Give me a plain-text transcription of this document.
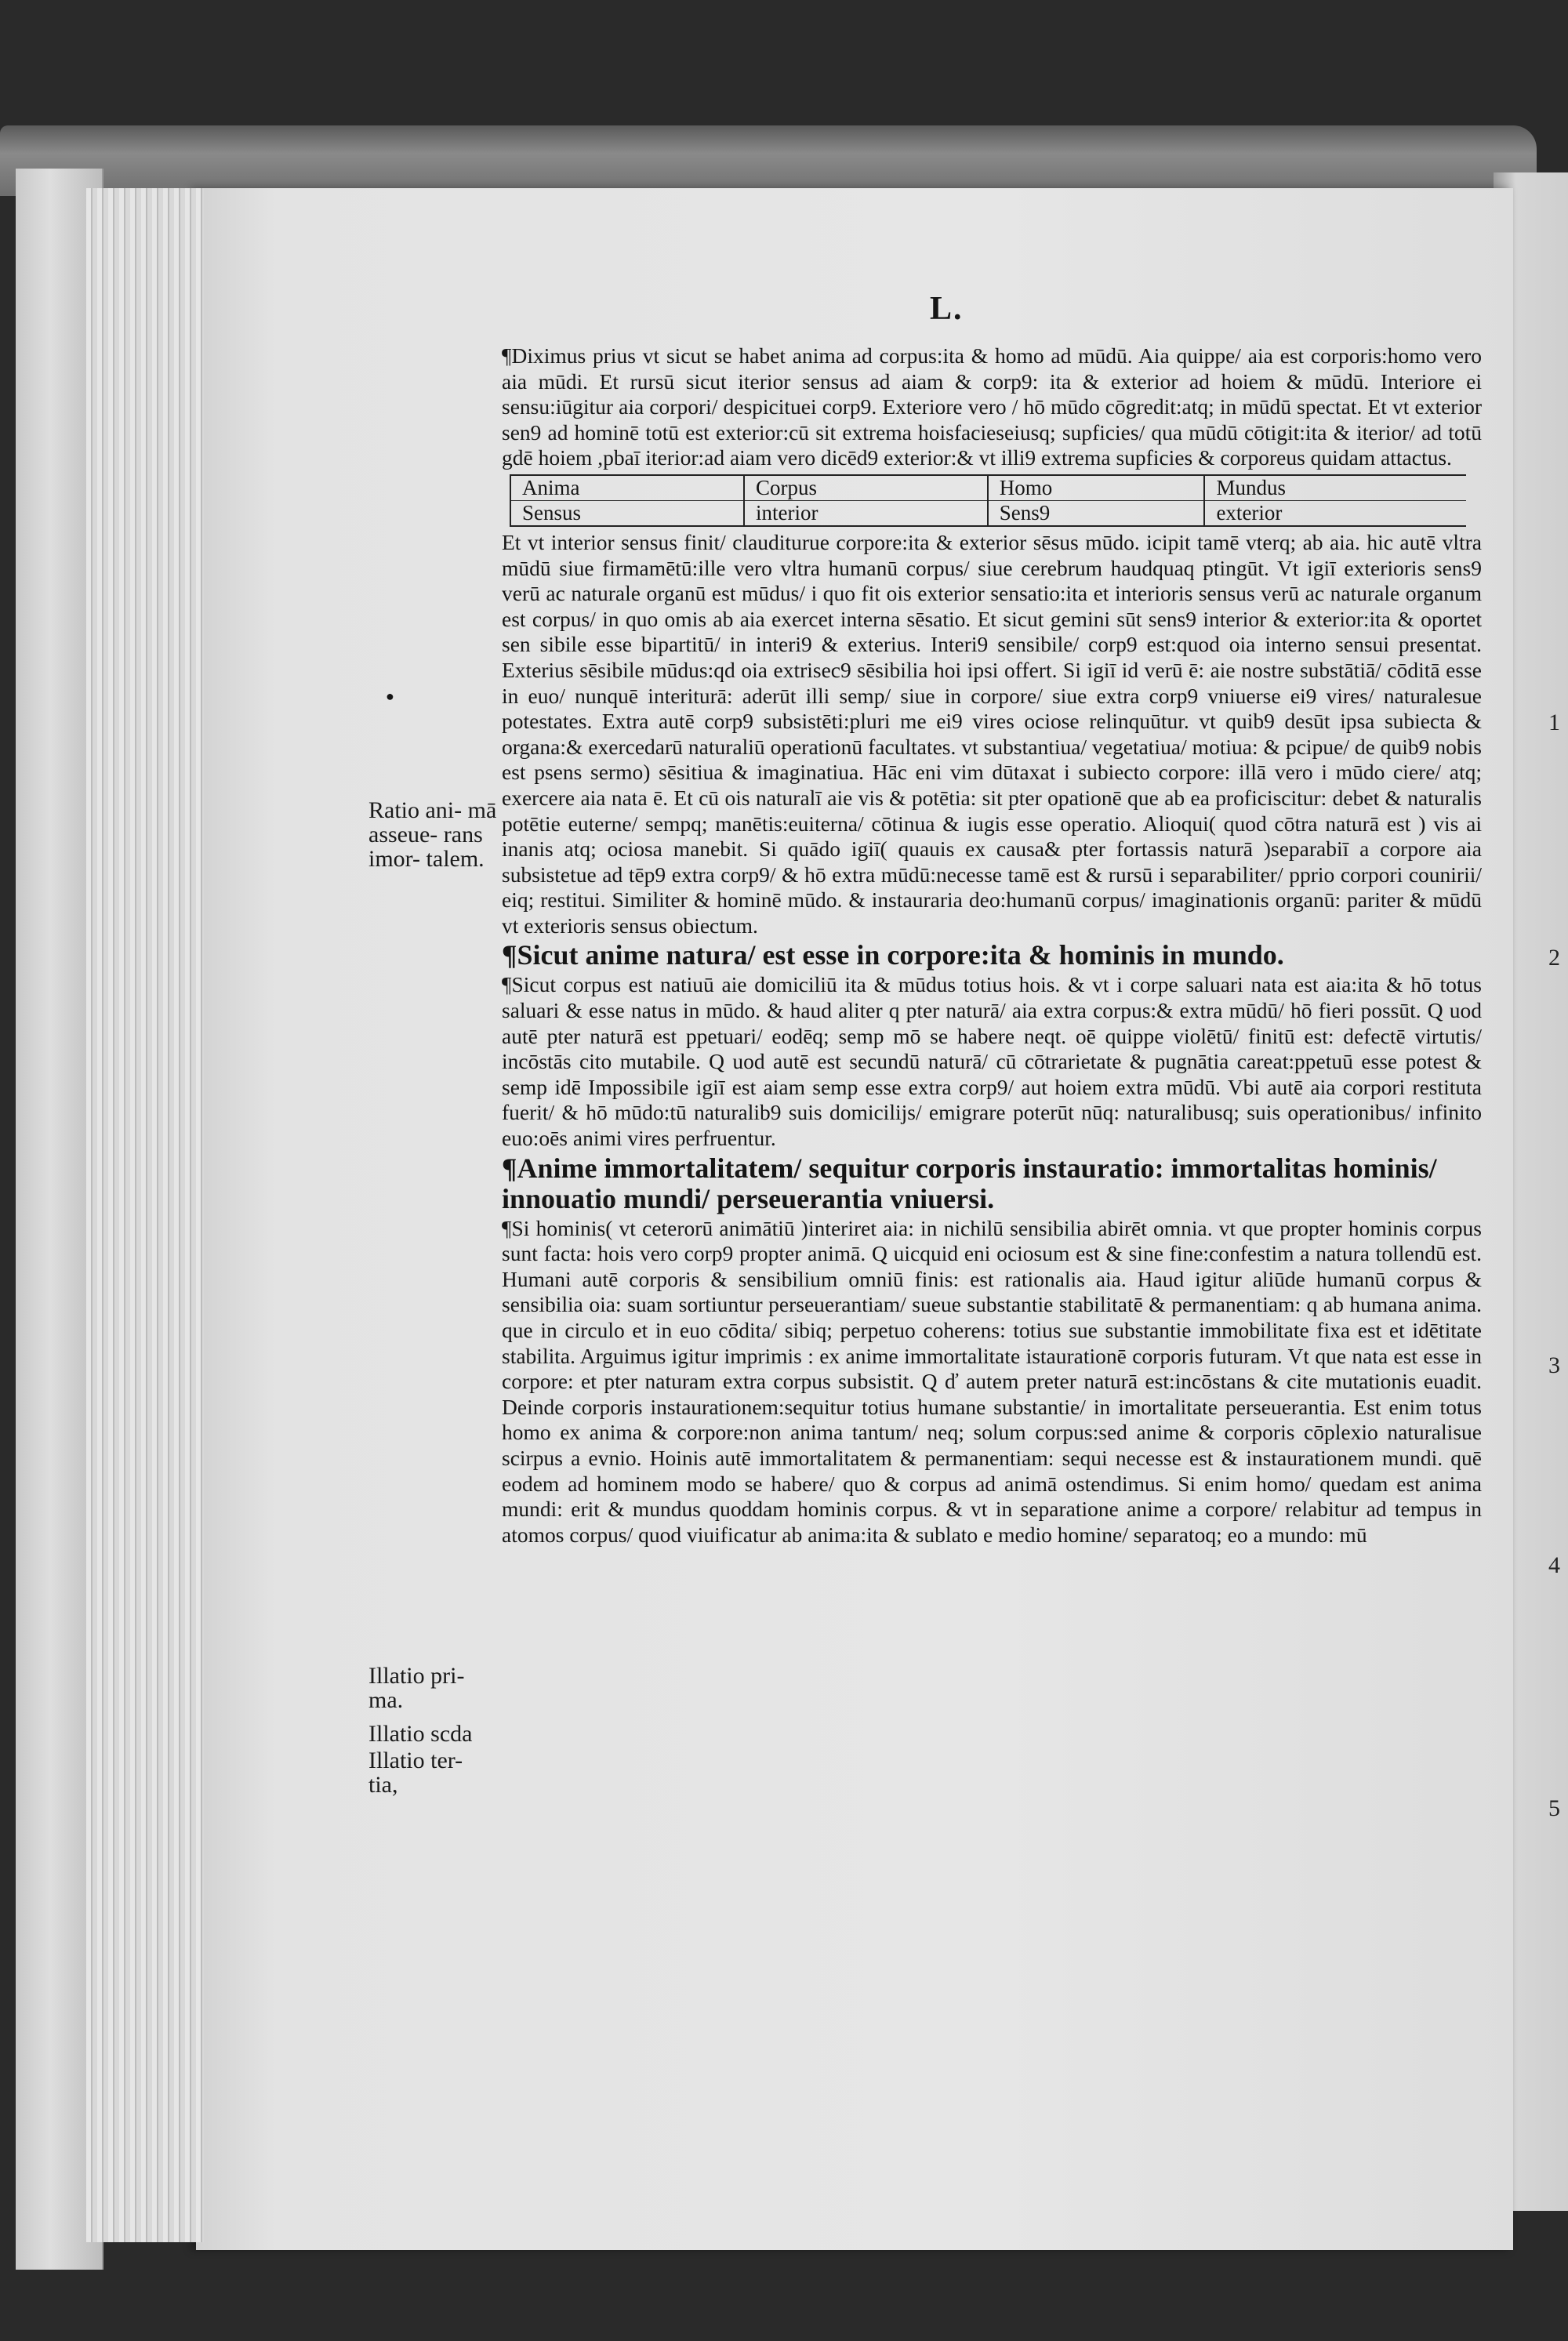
1
2
3
4
5
L.
●
Ratio ani- mā asseue- rans imor- talem.
Illatio pri- ma.
Illatio scda
Illatio ter- tia,

¶Diximus prius vt sicut se habet anima ad corpus:ita & homo ad mūdū. Aia quippe/ aia est corporis:homo vero aia mūdi. Et rursū sicut iterior sensus ad aiam & corp9: ita & exterior ad hoiem & mūdū. Interiore ei sensu:iūgitur aia corpori/ despicituei corp9. Exteriore vero / hō mūdo cōgredit:atq; in mūdū spectat. Et vt exterior sen9 ad hominē totū est exterior:cū sit extrema hoisfacieseiusq; supficies/ qua mūdū cōtigit:ita & iterior/ ad totū gdē hoiem ,pbaī iterior:ad aiam vero dicēd9 exterior:& vt illi9 extrema supficies & corporeus quidam attactus.

Anima	Corpus	Homo	Mundus
Sensus	interior	Sens9	exterior

Et vt interior sensus finit/ clauditurue corpore:ita & exterior sēsus mūdo. icipit tamē vterq; ab aia. hic autē vltra mūdū siue firmamētū:ille vero vltra humanū corpus/ siue cerebrum haudquaq ptingūt. Vt igiī exterioris sens9 verū ac naturale organū est mūdus/ i quo fit ois exterior sensatio:ita et interioris sensus verū ac naturale organum est corpus/ in quo omis ab aia exercet interna sēsatio. Et sicut gemini sūt sens9 interior & exterior:ita & oportet sen sibile esse bipartitū/ in interi9 & exterius. Interi9 sensibile/ corp9 est:quod oia interno sensui presentat. Exterius sēsibile mūdus:qd oia extrisec9 sēsibilia hoi ipsi offert. Si igiī id verū ē: aie nostre substātiā/ cōditā esse in euo/ nunquē interiturā: aderūt illi semp/ siue in corpore/ siue extra corp9 vniuerse ei9 vires/ naturalesue potestates. Extra autē corp9 subsistēti:pluri me ei9 vires ociose relinquūtur. vt quib9 desūt ipsa subiecta & organa:& exercedarū naturaliū operationū facultates. vt substantiua/ vegetatiua/ motiua: & pcipue/ de quib9 nobis est psens sermo) sēsitiua & imaginatiua. Hāc eni vim dūtaxat i subiecto corpore: illā vero i mūdo ciere/ atq; exercere aia nata ē. Et cū ois naturalī aie vis & potētia: sit pter opationē que ab ea proficiscitur: debet & naturalis potētie euterne/ sempq; manētis:euiterna/ cōtinua & iugis esse operatio. Alioqui( quod cōtra naturā est ) vis ai inanis atq; ociosa manebit. Si quādo igiī( quauis ex causa& pter fortassis naturā )separabiī a corpore aia subsistetue ad tēp9 extra corp9/ & hō extra mūdū:necesse tamē est & rursū i separabiliter/ pprio corpori counirii/ eiq; restitui. Similiter & hominē mūdo. & instauraria deo:humanū corpus/ imaginationis organū: pariter & mūdū vt exterioris sensus obiectum.

¶Sicut anime natura/ est esse in corpore:ita & hominis in mundo.

¶Sicut corpus est natiuū aie domiciliū ita & mūdus totius hois. & vt i corpe saluari nata est aia:ita & hō totus saluari & esse natus in mūdo. & haud aliter q pter naturā/ aia extra corpus:& extra mūdū/ hō fieri possūt. Q uod autē pter naturā est ppetuari/ eodēq; semp mō se habere neqt. oē quippe violētū/ finitū est: defectē virtutis/ incōstās cito mutabile. Q uod autē est secundū naturā/ cū cōtrarietate & pugnātia careat:ppetuū esse potest & semp idē Impossibile igiī est aiam semp esse extra corp9/ aut hoiem extra mūdū. Vbi autē aia corpori restituta fuerit/ & hō mūdo:tū naturalib9 suis domicilijs/ emigrare poterūt nūq: naturalibusq; suis operationibus/ infinito euo:oēs animi vires perfruentur.

¶Anime immortalitatem/ sequitur corporis instauratio: immortalitas hominis/ innouatio mundi/ perseuerantia vniuersi.

¶Si hominis( vt ceterorū animātiū )interiret aia: in nichilū sensibilia abirēt omnia. vt que propter hominis corpus sunt facta: hois vero corp9 propter animā. Q uicquid eni ociosum est & sine fine:confestim a natura tollendū est. Humani autē corporis & sensibilium omniū finis: est rationalis aia. Haud igitur aliūde humanū corpus & sensibilia oia: suam sortiuntur perseuerantiam/ sueue substantie stabilitatē & permanentiam: q ab humana anima. que in circulo et in euo cōdita/ sibiq; perpetuo coherens: totius sue substantie immobilitate fixa est et idētitate stabilita. Arguimus igitur imprimis : ex anime immortalitate istaurationē corporis futuram. Vt que nata est esse in corpore: et pter naturam extra corpus subsistit. Q ď autem preter naturā est:incōstans & cite mutationis euadit. Deinde corporis instaurationem:sequitur totius humane substantie/ in imortalitate perseuerantia. Est enim totus homo ex anima & corpore:non anima tantum/ neq; solum corpus:sed anime & corporis cōplexio naturalisue scirpus a evnio. Hoinis autē immortalitatem & permanentiam: sequi necesse est & instaurationem mundi. quē eodem ad hominem modo se habere/ quo & corpus ad animā ostendimus. Si enim homo/ quedam est anima mundi: erit & mundus quoddam hominis corpus. & vt in separatione anime a corpore/ relabitur ad tempus in atomos corpus/ quod viuificatur ab anima:ita & sublato e medio homine/ separatoq; eo a mundo: mū
